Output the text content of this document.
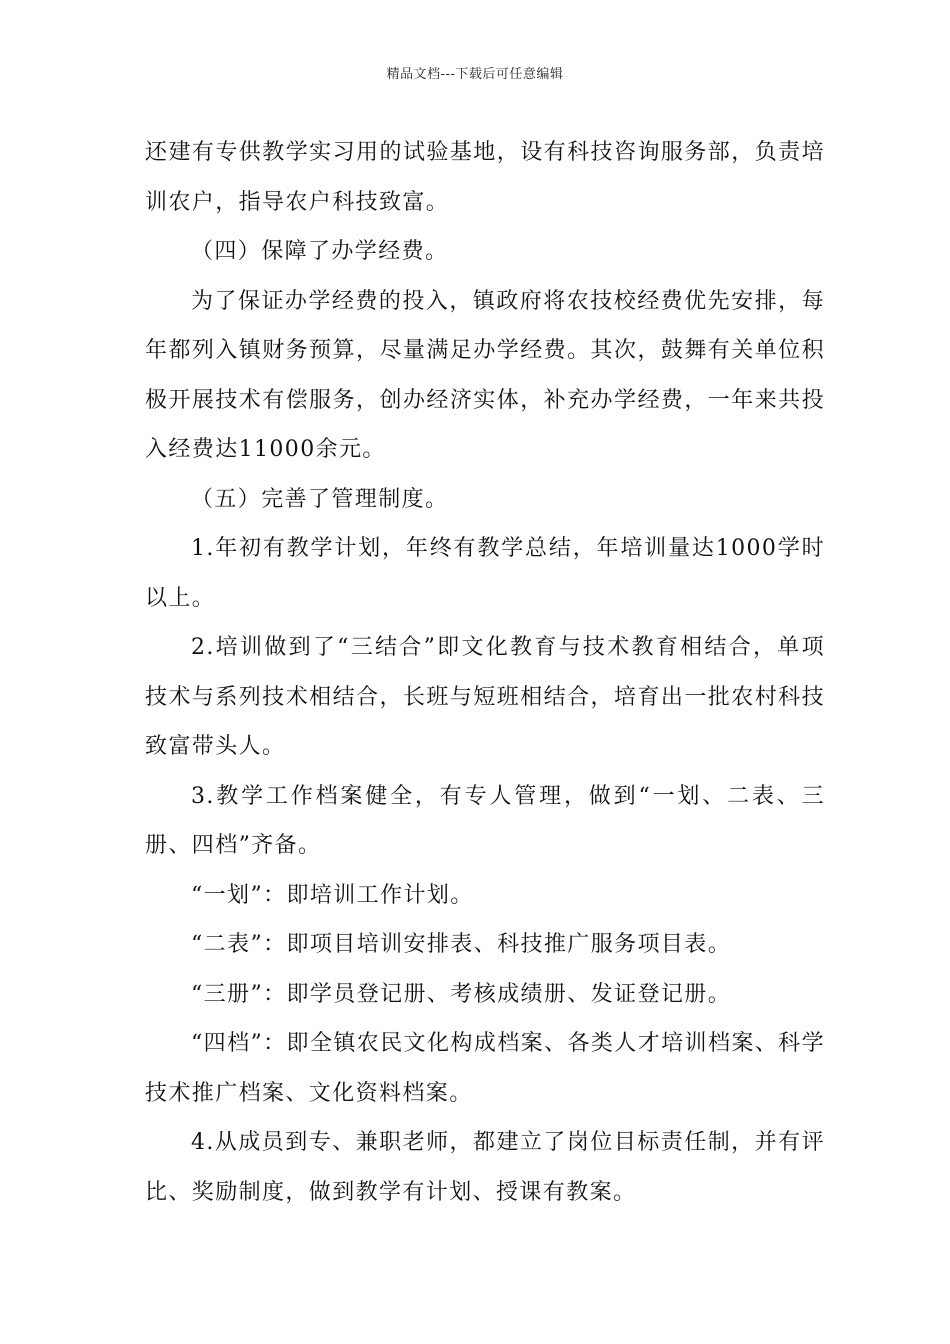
精品文档---下载后可任意编辑

还建有专供教学实习用的试验基地，设有科技咨询服务部，负责培训农户，指导农户科技致富。

（四）保障了办学经费。

为了保证办学经费的投入，镇政府将农技校经费优先安排，每年都列入镇财务预算，尽量满足办学经费。其次，鼓舞有关单位积极开展技术有偿服务，创办经济实体，补充办学经费，一年来共投入经费达11000余元。

（五）完善了管理制度。

1.年初有教学计划，年终有教学总结，年培训量达1000学时以上。

2.培训做到了“三结合”即文化教育与技术教育相结合，单项技术与系列技术相结合，长班与短班相结合，培育出一批农村科技致富带头人。

3.教学工作档案健全，有专人管理，做到“一划、二表、三册、四档”齐备。

“一划”：即培训工作计划。

“二表”：即项目培训安排表、科技推广服务项目表。

“三册”：即学员登记册、考核成绩册、发证登记册。

“四档”：即全镇农民文化构成档案、各类人才培训档案、科学技术推广档案、文化资料档案。

4.从成员到专、兼职老师，都建立了岗位目标责任制，并有评比、奖励制度，做到教学有计划、授课有教案。
